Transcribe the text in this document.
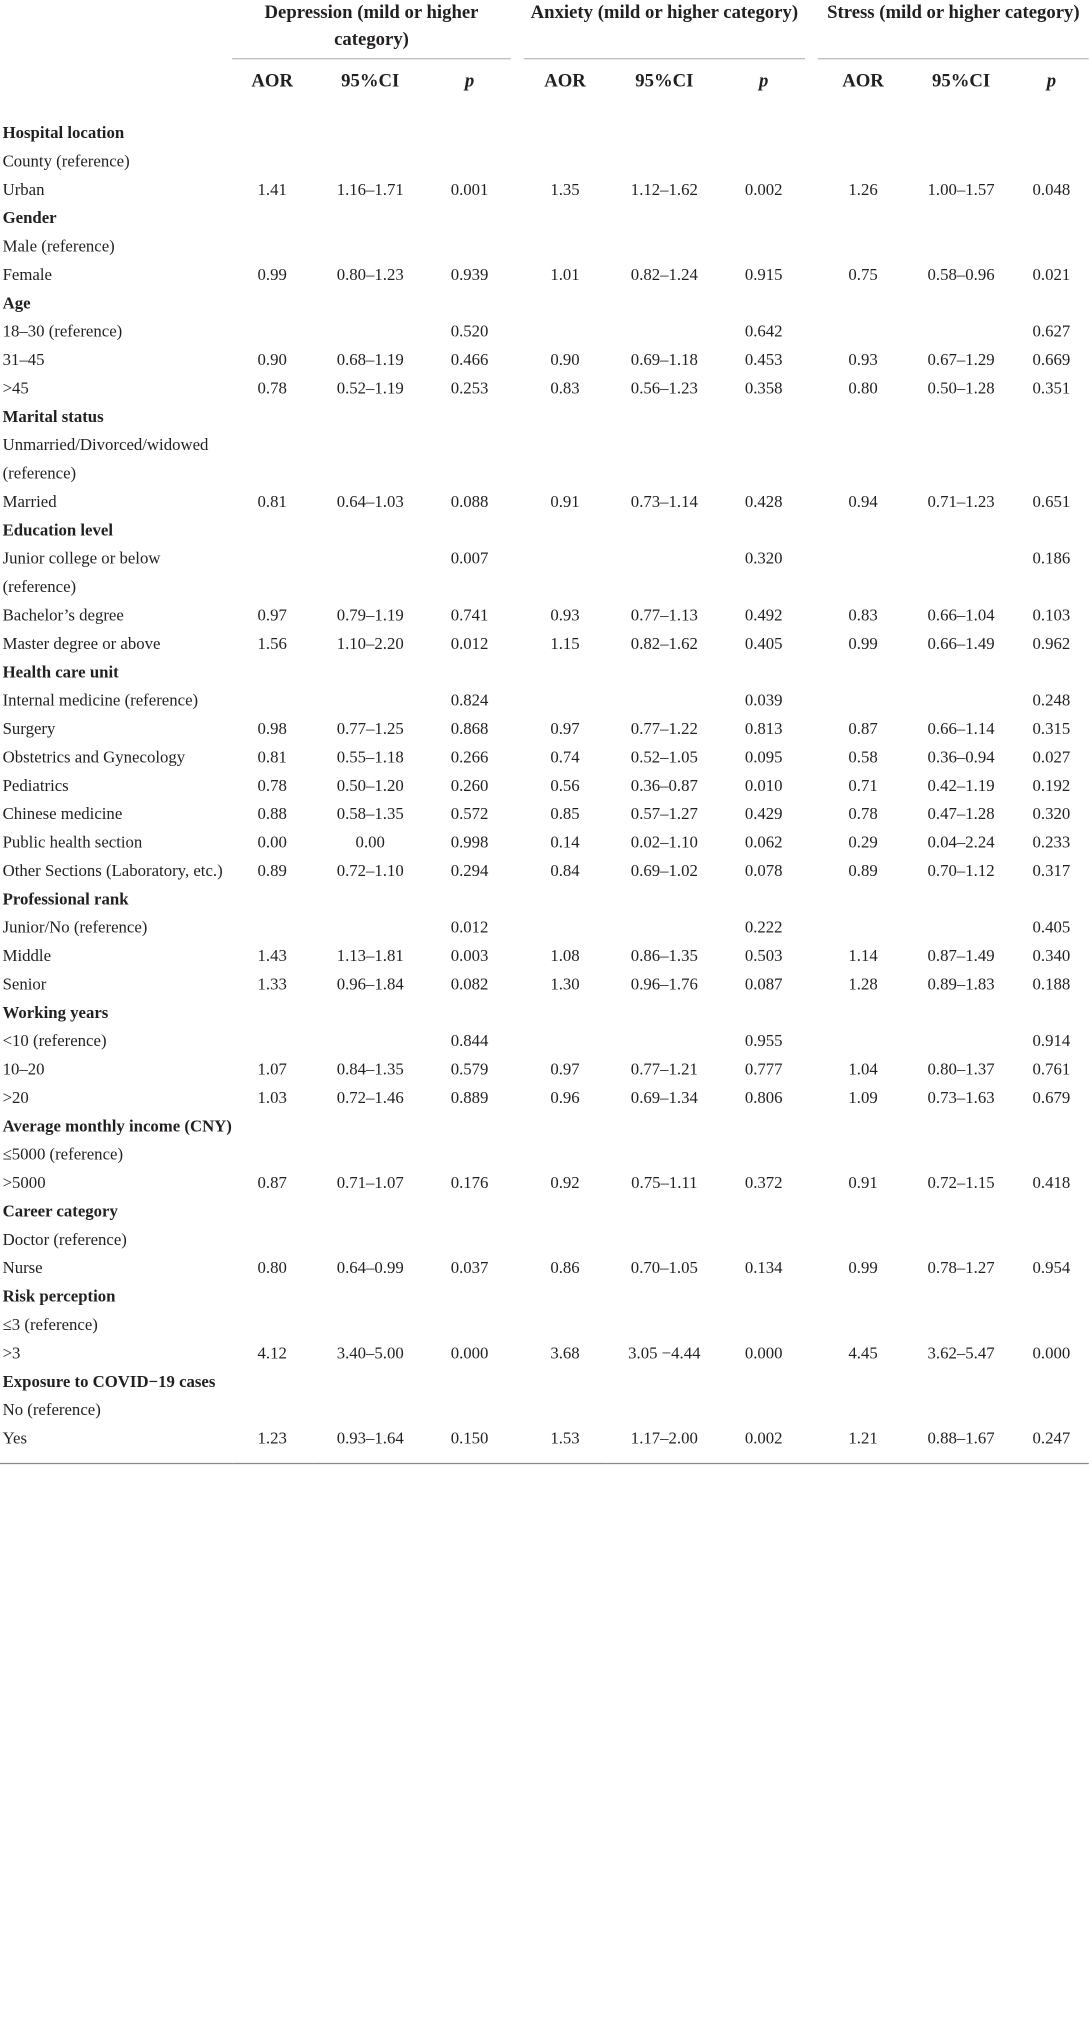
	Depression (mild or higher category)				Anxiety (mild or higher category)				Stress (mild or higher category)		

	AOR	95%CI	p		AOR	95%CI	p		AOR	95%CI	p
Hospital location											
County (reference)											
Urban	1.41	1.16–1.71	0.001		1.35	1.12–1.62	0.002		1.26	1.00–1.57	0.048
Gender											
Male (reference)											
Female	0.99	0.80–1.23	0.939		1.01	0.82–1.24	0.915		0.75	0.58–0.96	0.021
Age											
18–30 (reference)			0.520				0.642				0.627
31–45	0.90	0.68–1.19	0.466		0.90	0.69–1.18	0.453		0.93	0.67–1.29	0.669
>45	0.78	0.52–1.19	0.253		0.83	0.56–1.23	0.358		0.80	0.50–1.28	0.351
Marital status											
Unmarried/Divorced/widowed (reference)											
Married	0.81	0.64–1.03	0.088		0.91	0.73–1.14	0.428		0.94	0.71–1.23	0.651
Education level											
Junior college or below (reference)			0.007				0.320				0.186
Bachelor’s degree	0.97	0.79–1.19	0.741		0.93	0.77–1.13	0.492		0.83	0.66–1.04	0.103
Master degree or above	1.56	1.10–2.20	0.012		1.15	0.82–1.62	0.405		0.99	0.66–1.49	0.962
Health care unit											
Internal medicine (reference)			0.824				0.039				0.248
Surgery	0.98	0.77–1.25	0.868		0.97	0.77–1.22	0.813		0.87	0.66–1.14	0.315
Obstetrics and Gynecology	0.81	0.55–1.18	0.266		0.74	0.52–1.05	0.095		0.58	0.36–0.94	0.027
Pediatrics	0.78	0.50–1.20	0.260		0.56	0.36–0.87	0.010		0.71	0.42–1.19	0.192
Chinese medicine	0.88	0.58–1.35	0.572		0.85	0.57–1.27	0.429		0.78	0.47–1.28	0.320
Public health section	0.00	0.00	0.998		0.14	0.02–1.10	0.062		0.29	0.04–2.24	0.233
Other Sections (Laboratory, etc.)	0.89	0.72–1.10	0.294		0.84	0.69–1.02	0.078		0.89	0.70–1.12	0.317
Professional rank											
Junior/No (reference)			0.012				0.222				0.405
Middle	1.43	1.13–1.81	0.003		1.08	0.86–1.35	0.503		1.14	0.87–1.49	0.340
Senior	1.33	0.96–1.84	0.082		1.30	0.96–1.76	0.087		1.28	0.89–1.83	0.188
Working years											
<10 (reference)			0.844				0.955				0.914
10–20	1.07	0.84–1.35	0.579		0.97	0.77–1.21	0.777		1.04	0.80–1.37	0.761
>20	1.03	0.72–1.46	0.889		0.96	0.69–1.34	0.806		1.09	0.73–1.63	0.679
Average monthly income (CNY)											
≤5000 (reference)											
>5000	0.87	0.71–1.07	0.176		0.92	0.75–1.11	0.372		0.91	0.72–1.15	0.418
Career category											
Doctor (reference)											
Nurse	0.80	0.64–0.99	0.037		0.86	0.70–1.05	0.134		0.99	0.78–1.27	0.954
Risk perception											
≤3 (reference)											
>3	4.12	3.40–5.00	0.000		3.68	3.05 −4.44	0.000		4.45	3.62–5.47	0.000
Exposure to COVID−19 cases											
No (reference)											
Yes	1.23	0.93–1.64	0.150		1.53	1.17–2.00	0.002		1.21	0.88–1.67	0.247
